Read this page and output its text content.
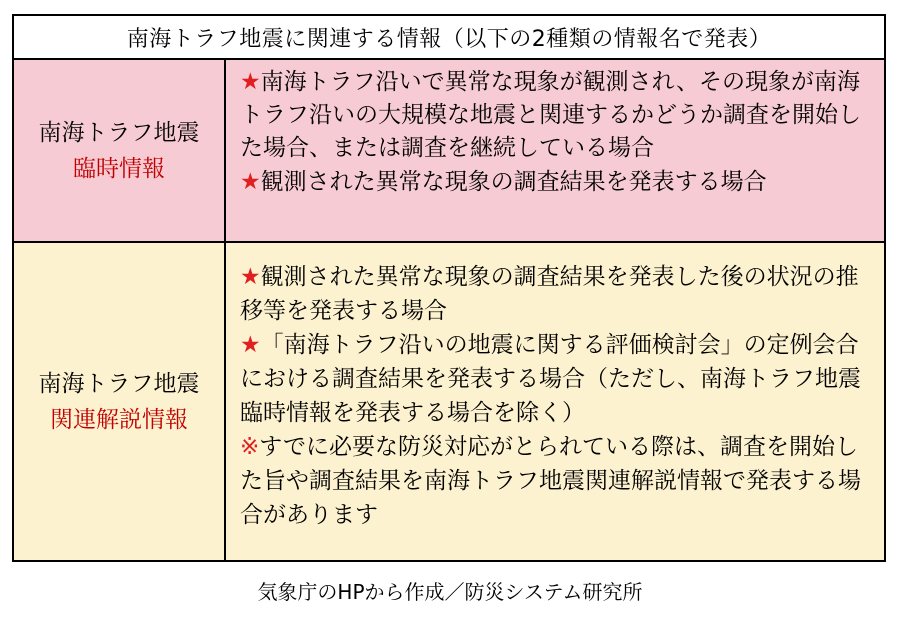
南海トラフ地震に関連する情報（以下の2種類の情報名で発表）
南海トラフ地震
臨時情報
★南海トラフ沿いで異常な現象が観測され、その現象が南海トラフ沿いの大規模な地震と関連するかどうか調査を開始した場合、または調査を継続している場合
★観測された異常な現象の調査結果を発表する場合
南海トラフ地震
関連解説情報
★観測された異常な現象の調査結果を発表した後の状況の推移等を発表する場合
★「南海トラフ沿いの地震に関する評価検討会」の定例会合における調査結果を発表する場合（ただし、南海トラフ地震臨時情報を発表する場合を除く）
※すでに必要な防災対応がとられている際は、調査を開始した旨や調査結果を南海トラフ地震関連解説情報で発表する場合があります
気象庁のHPから作成／防災システム研究所
